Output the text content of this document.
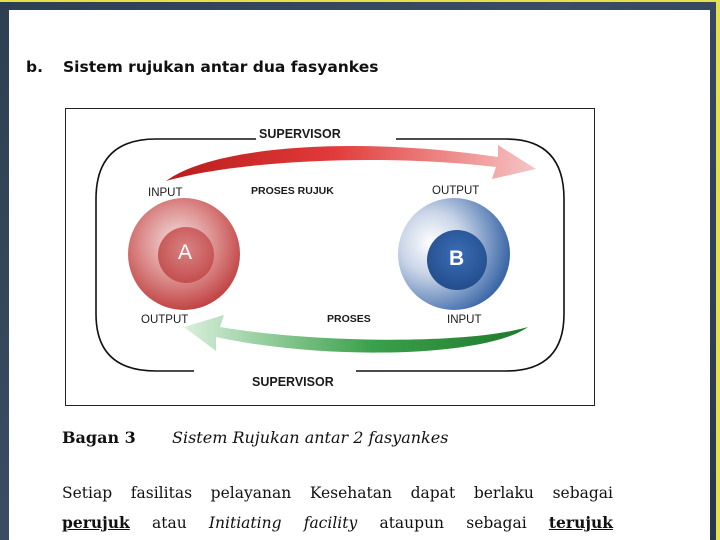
b. Sistem rujukan antar dua fasyankes
SUPERVISOR
INPUT	PROSES RUJUK	OUTPUT
A	B
OUTPUT	PROSES	INPUT
SUPERVISOR
Bagan 3 Sistem Rujukan antar 2 fasyankes
Setiap fasilitas pelayanan Kesehatan dapat berlaku sebagai
perujuk atau Initiating facility ataupun sebagai terujuk
